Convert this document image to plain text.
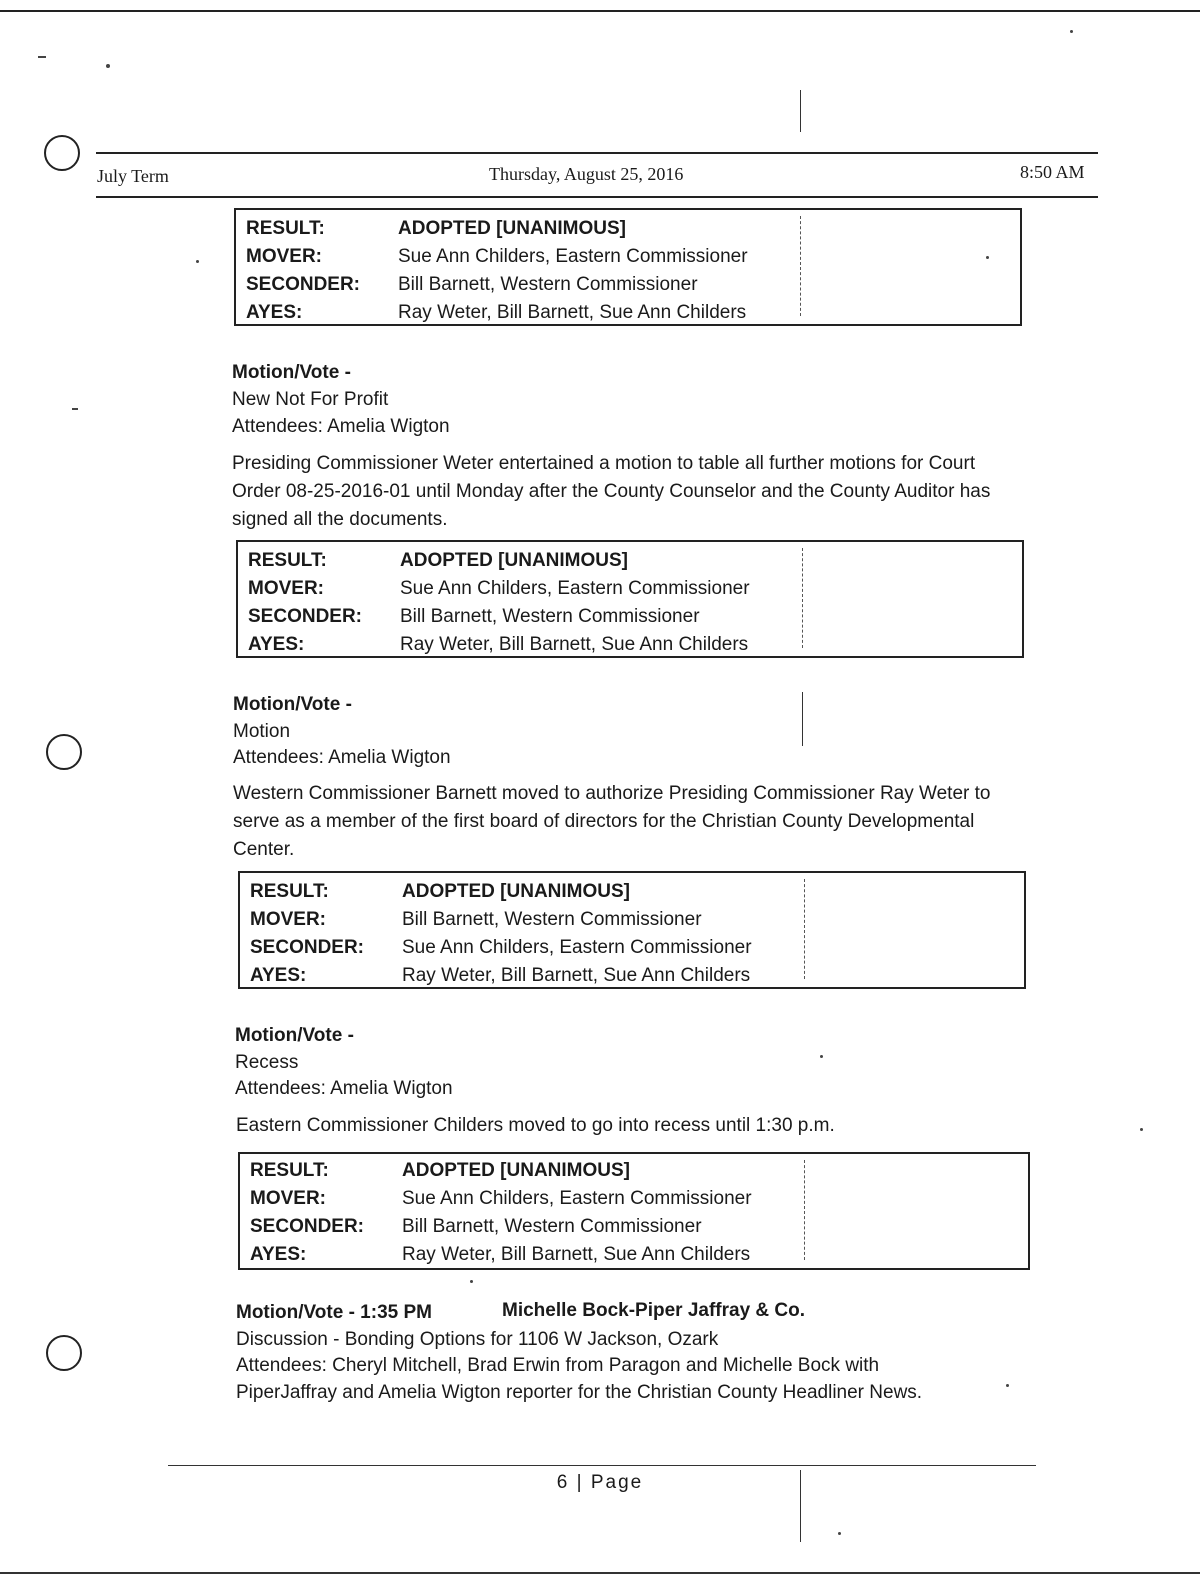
July Term	Thursday, August 25, 2016	8:50 AM
RESULT:	ADOPTED [UNANIMOUS]
MOVER:	Sue Ann Childers, Eastern Commissioner
SECONDER: Bill Barnett, Western Commissioner
AYES:	Ray Weter, Bill Barnett, Sue Ann Childers
Motion/Vote -
New Not For Profit
Attendees: Amelia Wigton
Presiding Commissioner Weter entertained a motion to table all further motions for Court Order 08-25-2016-01 until Monday after the County Counselor and the County Auditor has signed all the documents.
RESULT:	ADOPTED [UNANIMOUS]
MOVER:	Sue Ann Childers, Eastern Commissioner
SECONDER: Bill Barnett, Western Commissioner
AYES:	Ray Weter, Bill Barnett, Sue Ann Childers
Motion/Vote -
Motion
Attendees: Amelia Wigton
Western Commissioner Barnett moved to authorize Presiding Commissioner Ray Weter to serve as a member of the first board of directors for the Christian County Developmental Center.
RESULT:	ADOPTED [UNANIMOUS]
MOVER:	Bill Barnett, Western Commissioner
SECONDER: Sue Ann Childers, Eastern Commissioner
AYES:	Ray Weter, Bill Barnett, Sue Ann Childers
Motion/Vote -
Recess
Attendees: Amelia Wigton
Eastern Commissioner Childers moved to go into recess until 1:30 p.m.
RESULT:	ADOPTED [UNANIMOUS]
MOVER:	Sue Ann Childers, Eastern Commissioner
SECONDER: Bill Barnett, Western Commissioner
AYES:	Ray Weter, Bill Barnett, Sue Ann Childers
Motion/Vote - 1:35 PM	Michelle Bock-Piper Jaffray & Co.
Discussion - Bonding Options for 1106 W Jackson, Ozark
Attendees: Cheryl Mitchell, Brad Erwin from Paragon and Michelle Bock with
PiperJaffray and Amelia Wigton reporter for the Christian County Headliner News.
6 | Page
